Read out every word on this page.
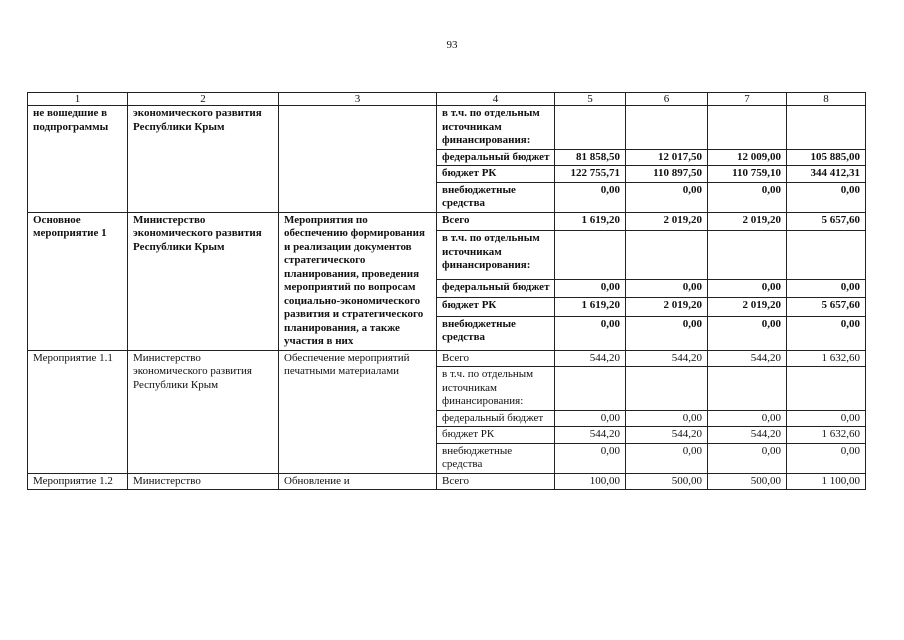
93
1	2	3	4	5	6	7	8
не вошедшие в подпрограммы	экономического развития Республики Крым		в т.ч. по отдельным источникам финансирования:				
			федеральный бюджет	81 858,50	12 017,50	12 009,00	105 885,00
			бюджет РК	122 755,71	110 897,50	110 759,10	344 412,31
			внебюджетные средства	0,00	0,00	0,00	0,00
Основное мероприятие 1	Министерство экономического развития Республики Крым	Мероприятия по обеспечению формирования и реализации документов стратегического планирования, проведения мероприятий по вопросам социально-экономического развития и стратегического планирования, а также участия в них	Всего	1 619,20	2 019,20	2 019,20	5 657,60
			в т.ч. по отдельным источникам финансирования:				
			федеральный бюджет	0,00	0,00	0,00	0,00
			бюджет РК	1 619,20	2 019,20	2 019,20	5 657,60
			внебюджетные средства	0,00	0,00	0,00	0,00
Мероприятие 1.1	Министерство экономического развития Республики Крым	Обеспечение мероприятий печатными материалами	Всего	544,20	544,20	544,20	1 632,60
			в т.ч. по отдельным источникам финансирования:				
			федеральный бюджет	0,00	0,00	0,00	0,00
			бюджет РК	544,20	544,20	544,20	1 632,60
			внебюджетные средства	0,00	0,00	0,00	0,00
Мероприятие 1.2	Министерство	Обновление и	Всего	100,00	500,00	500,00	1 100,00
